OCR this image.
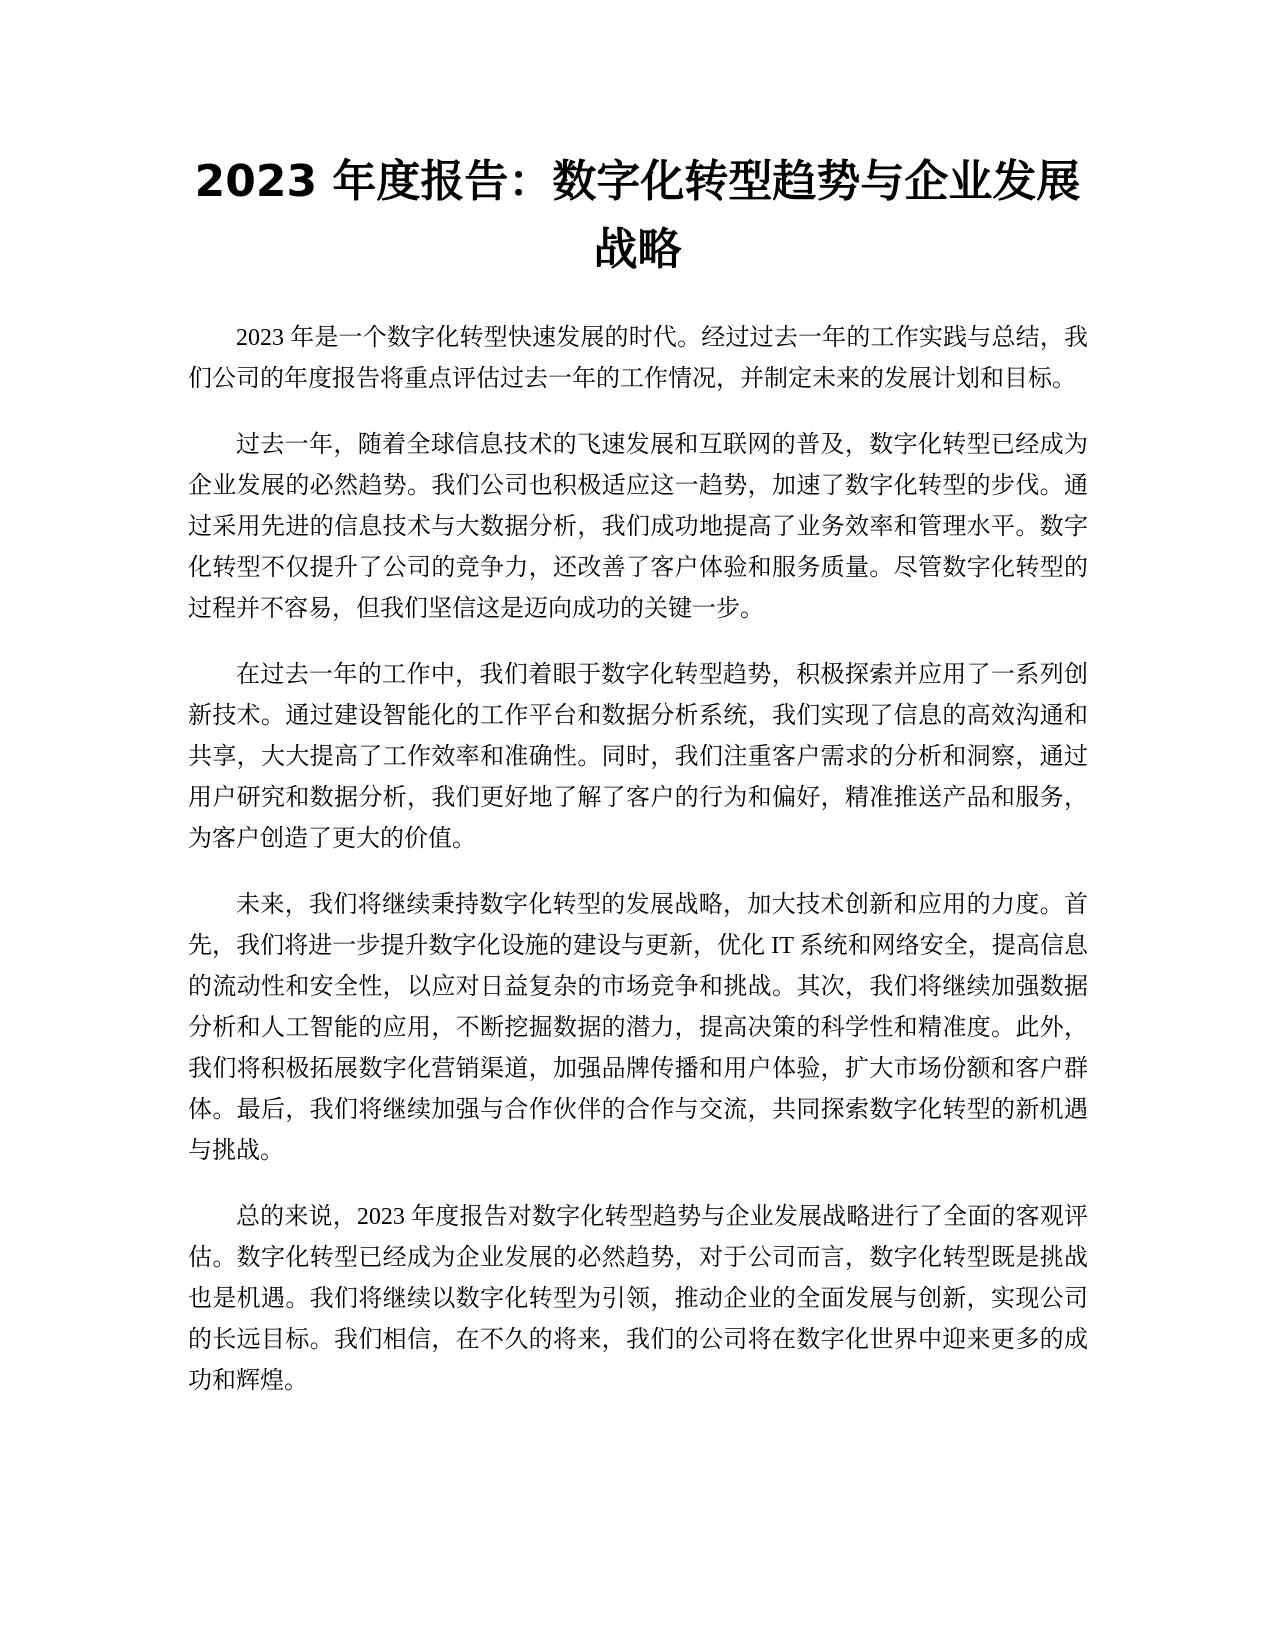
2023 年度报告：数字化转型趋势与企业发展
战略

2023 年是一个数字化转型快速发展的时代。经过过去一年的工作实践与总结，我们公司的年度报告将重点评估过去一年的工作情况，并制定未来的发展计划和目标。

过去一年，随着全球信息技术的飞速发展和互联网的普及，数字化转型已经成为企业发展的必然趋势。我们公司也积极适应这一趋势，加速了数字化转型的步伐。通过采用先进的信息技术与大数据分析，我们成功地提高了业务效率和管理水平。数字化转型不仅提升了公司的竞争力，还改善了客户体验和服务质量。尽管数字化转型的过程并不容易，但我们坚信这是迈向成功的关键一步。

在过去一年的工作中，我们着眼于数字化转型趋势，积极探索并应用了一系列创新技术。通过建设智能化的工作平台和数据分析系统，我们实现了信息的高效沟通和共享，大大提高了工作效率和准确性。同时，我们注重客户需求的分析和洞察，通过用户研究和数据分析，我们更好地了解了客户的行为和偏好，精准推送产品和服务，为客户创造了更大的价值。

未来，我们将继续秉持数字化转型的发展战略，加大技术创新和应用的力度。首先，我们将进一步提升数字化设施的建设与更新，优化 IT 系统和网络安全，提高信息的流动性和安全性，以应对日益复杂的市场竞争和挑战。其次，我们将继续加强数据分析和人工智能的应用，不断挖掘数据的潜力，提高决策的科学性和精准度。此外，我们将积极拓展数字化营销渠道，加强品牌传播和用户体验，扩大市场份额和客户群体。最后，我们将继续加强与合作伙伴的合作与交流，共同探索数字化转型的新机遇与挑战。

总的来说，2023 年度报告对数字化转型趋势与企业发展战略进行了全面的客观评估。数字化转型已经成为企业发展的必然趋势，对于公司而言，数字化转型既是挑战也是机遇。我们将继续以数字化转型为引领，推动企业的全面发展与创新，实现公司的长远目标。我们相信，在不久的将来，我们的公司将在数字化世界中迎来更多的成功和辉煌。
